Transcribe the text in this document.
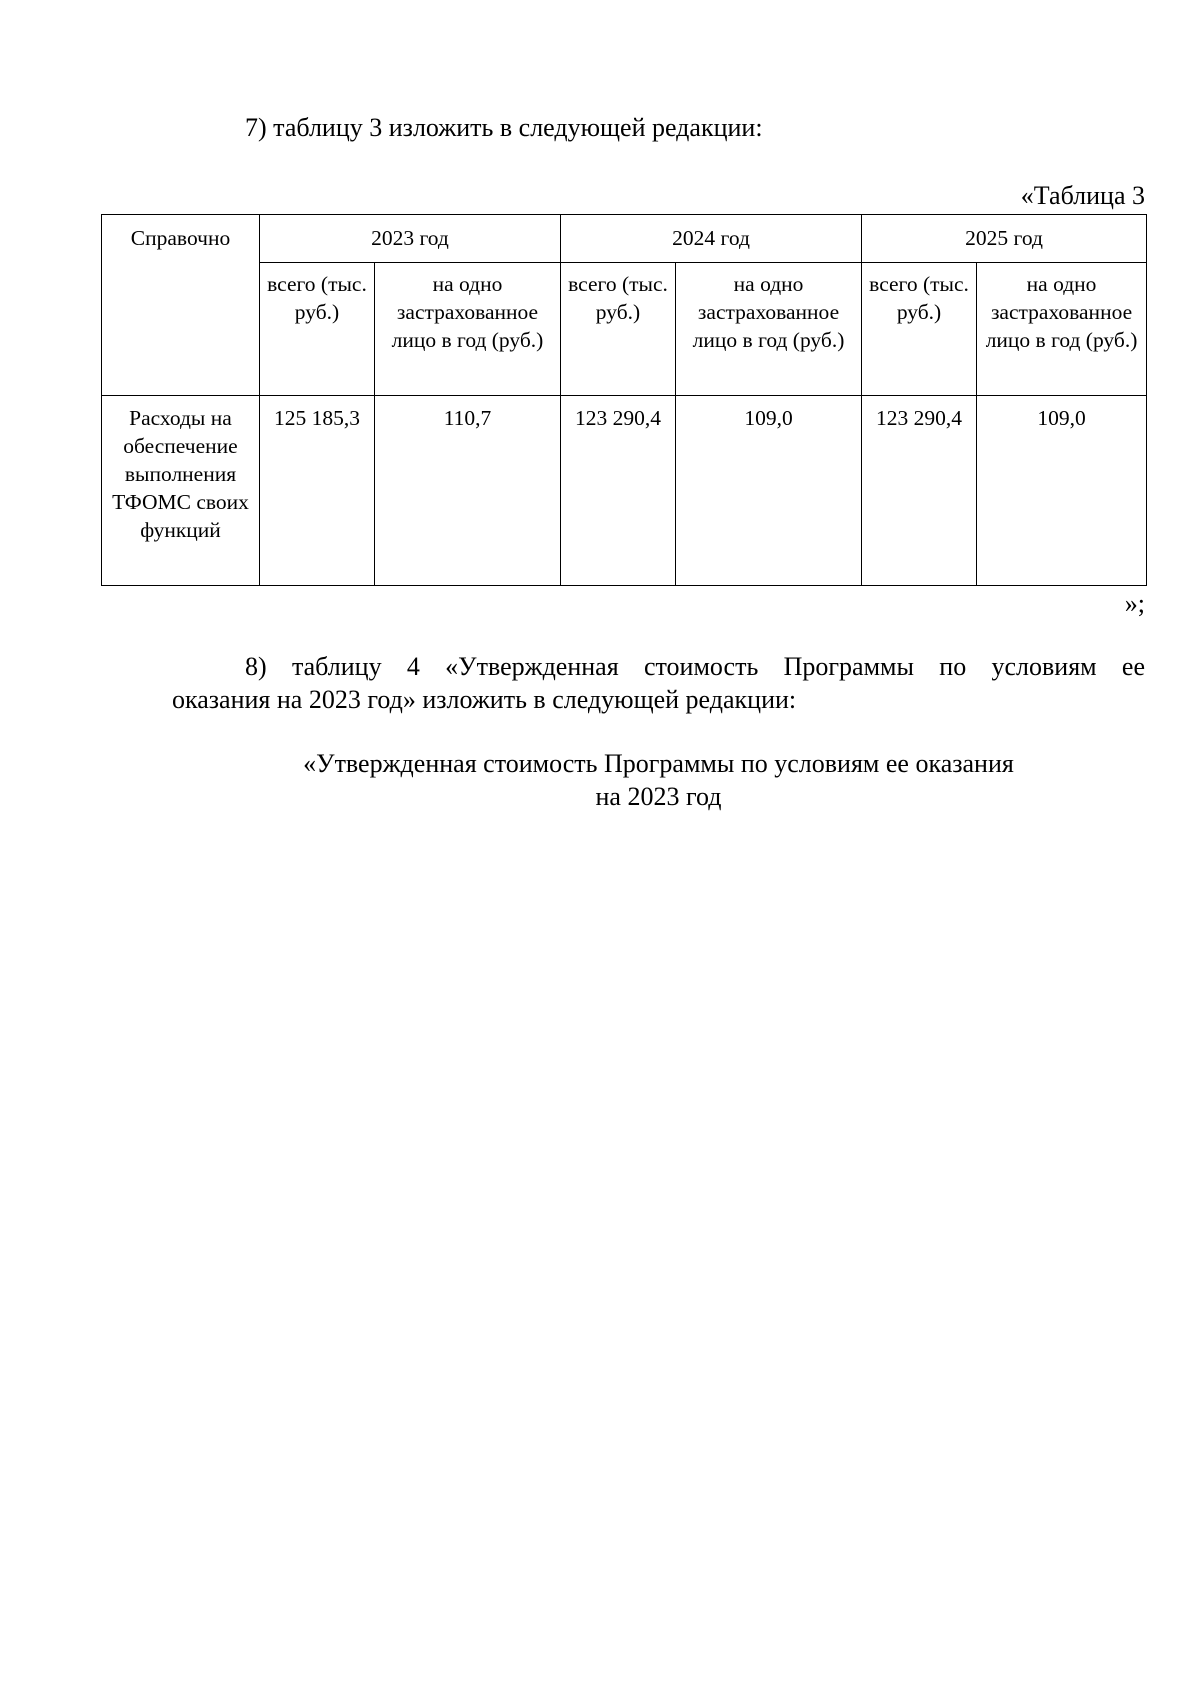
7) таблицу 3 изложить в следующей редакции:
«Таблица 3
Справочно	2023 год		2024 год		2025 год	
	всего (тыс. руб.)	на одно застрахованное лицо в год (руб.)	всего (тыс. руб.)	на одно застрахованное лицо в год (руб.)	всего (тыс. руб.)	на одно застрахованное лицо в год (руб.)
Расходы на обеспечение выполнения ТФОМС своих функций	125 185,3	110,7	123 290,4	109,0	123 290,4	109,0
»;
8) таблицу 4 «Утвержденная стоимость Программы по условиям ее
оказания на 2023 год» изложить в следующей редакции:
«Утвержденная стоимость Программы по условиям ее оказания
на 2023 год
